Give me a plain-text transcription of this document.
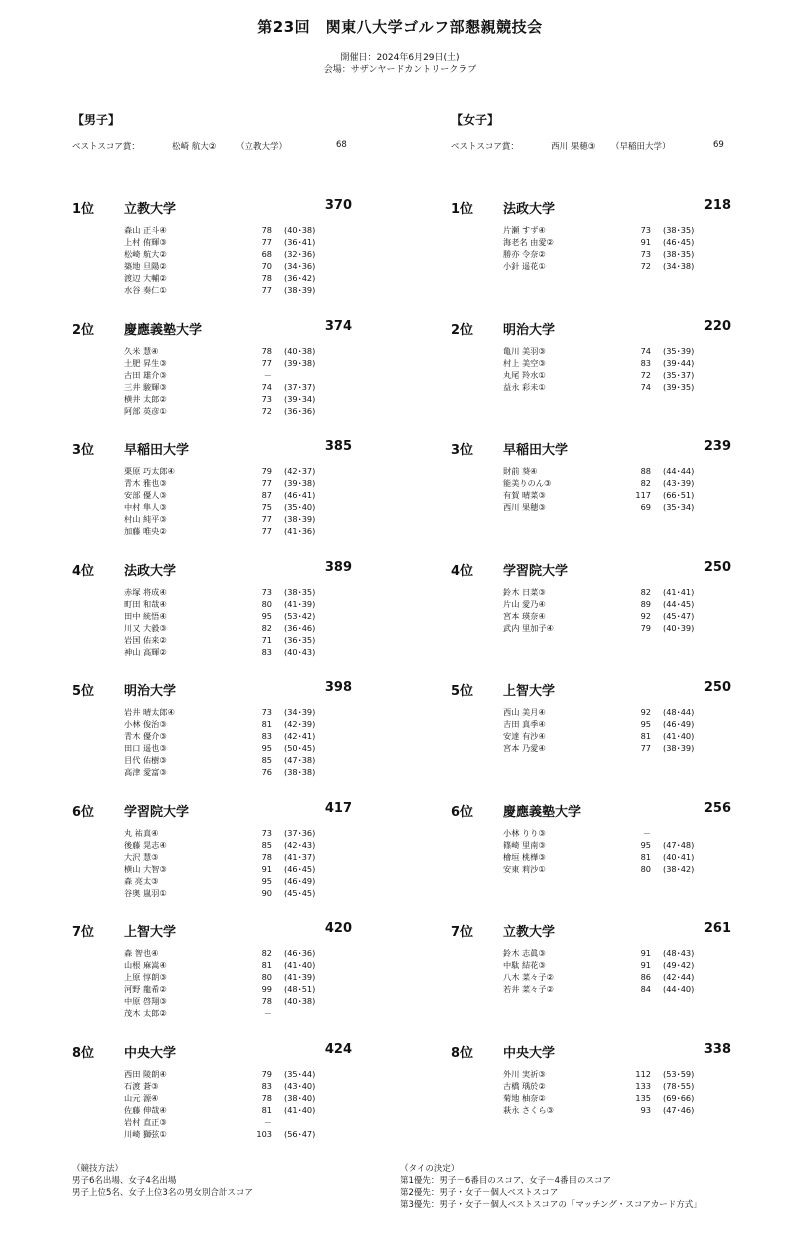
第23回　関東八大学ゴルフ部懇親競技会
開催日：2024年6月29日(土)
会場：サザンヤードカントリークラブ
【男子】	【女子】
ベストスコア賞：	松崎 航大② （立教大学）	68	ベストスコア賞：	西川 果穂③ （早稲田大学）	69
1位 立教大学	370
森山 正斗④	78 (40･38)
上村 侑輝③	77 (36･41)
松崎 航大②	68 (32･36)
築地 旦陽②	70 (34･36)
渡辺 大輔②	78 (36･42)
水谷 奏仁①	77 (38･39)
2位 慶應義塾大学	374
久米 慧④	78 (40･38)
土肥 昇生③	77 (39･38)
古田 雄介③	－
三井 駿輝③	74 (37･37)
横井 太郎②	73 (39･34)
阿部 英彦①	72 (36･36)
3位 早稲田大学	385
栗原 巧太郎④	79 (42･37)
青木 雅也③	77 (39･38)
安部 優人③	87 (46･41)
中村 隼人③	75 (35･40)
村山 純平③	77 (38･39)
加藤 唯央②	77 (41･36)
4位 法政大学	389
赤塚 将成④	73 (38･35)
町田 和哉④	80 (41･39)
田中 統悟④	95 (53･42)
川又 大毅③	82 (36･46)
岩国 佑来②	71 (36･35)
神山 高輝②	83 (40･43)
5位 明治大学	398
岩井 晴太郎④	73 (34･39)
小林 俊治③	81 (42･39)
青木 優介③	83 (42･41)
田口 遥也③	95 (50･45)
目代 佑樹③	85 (47･38)
高津 愛富③	76 (38･38)
6位 学習院大学	417
丸 祐真④	73 (37･36)
後藤 晃志④	85 (42･43)
大沢 慧③	78 (41･37)
横山 大智③	91 (46･45)
森 亮太③	95 (46･49)
谷奥 嵐羽①	90 (45･45)
7位 上智大学	420
森 智也④	82 (46･36)
山根 麻嵩④	81 (41･40)
上原 惇朗③	80 (41･39)
河野 龍希②	99 (48･51)
中原 啓翔③	78 (40･38)
茂木 太郎②	－
8位 中央大学	424
西田 陵朗④	79 (35･44)
石渡 蒼③	83 (43･40)
山元 源④	78 (38･40)
佐藤 伸哉④	81 (41･40)
岩村 直正③	－
川崎 獅弦①	103 (56･47)
1位 法政大学	218
片瀬 すず④	73 (38･35)
海老名 由愛②	91 (46･45)
勝亦 令奈②	73 (38･35)
小針 遥花①	72 (34･38)
2位 明治大学	220
亀川 美羽③	74 (35･39)
村上 美空③	83 (39･44)
丸尾 羚水①	72 (35･37)
益永 彩未①	74 (39･35)
3位 早稲田大学	239
財前 葵④	88 (44･44)
能美りのん③	82 (43･39)
有賀 晴菜③	117 (66･51)
西川 果穂③	69 (35･34)
4位 学習院大学	250
鈴木 日菜③	82 (41･41)
片山 愛乃④	89 (44･45)
宮本 瑛奈④	92 (45･47)
武内 里加子④	79 (40･39)
5位 上智大学	250
西山 美月④	92 (48･44)
吉田 真季④	95 (46･49)
安達 有沙④	81 (41･40)
宮本 乃愛④	77 (38･39)
6位 慶應義塾大学	256
小林 りり③	－
篠崎 里南③	95 (47･48)
檜垣 桃樺③	81 (40･41)
安東 莉沙①	80 (38･42)
7位 立教大学	261
鈴木 志眞③	91 (48･43)
中駄 結花③	91 (49･42)
八木 菜々子②	86 (42･44)
若井 菜々子②	84 (44･40)
8位 中央大学	338
外川 実祈③	112 (53･59)
古橋 瑀於②	133 (78･55)
菊地 柚奈②	135 (69･66)
萩永 さくら③	93 (47･46)
（競技方法）
男子6名出場、女子4名出場
男子上位5名、女子上位3名の男女別合計スコア
（タイの決定）
第1優先：男子－6番目のスコア、女子－4番目のスコア
第2優先：男子・女子－個人ベストスコア
第3優先：男子・女子－個人ベストスコアの「マッチング・スコアカード方式」
